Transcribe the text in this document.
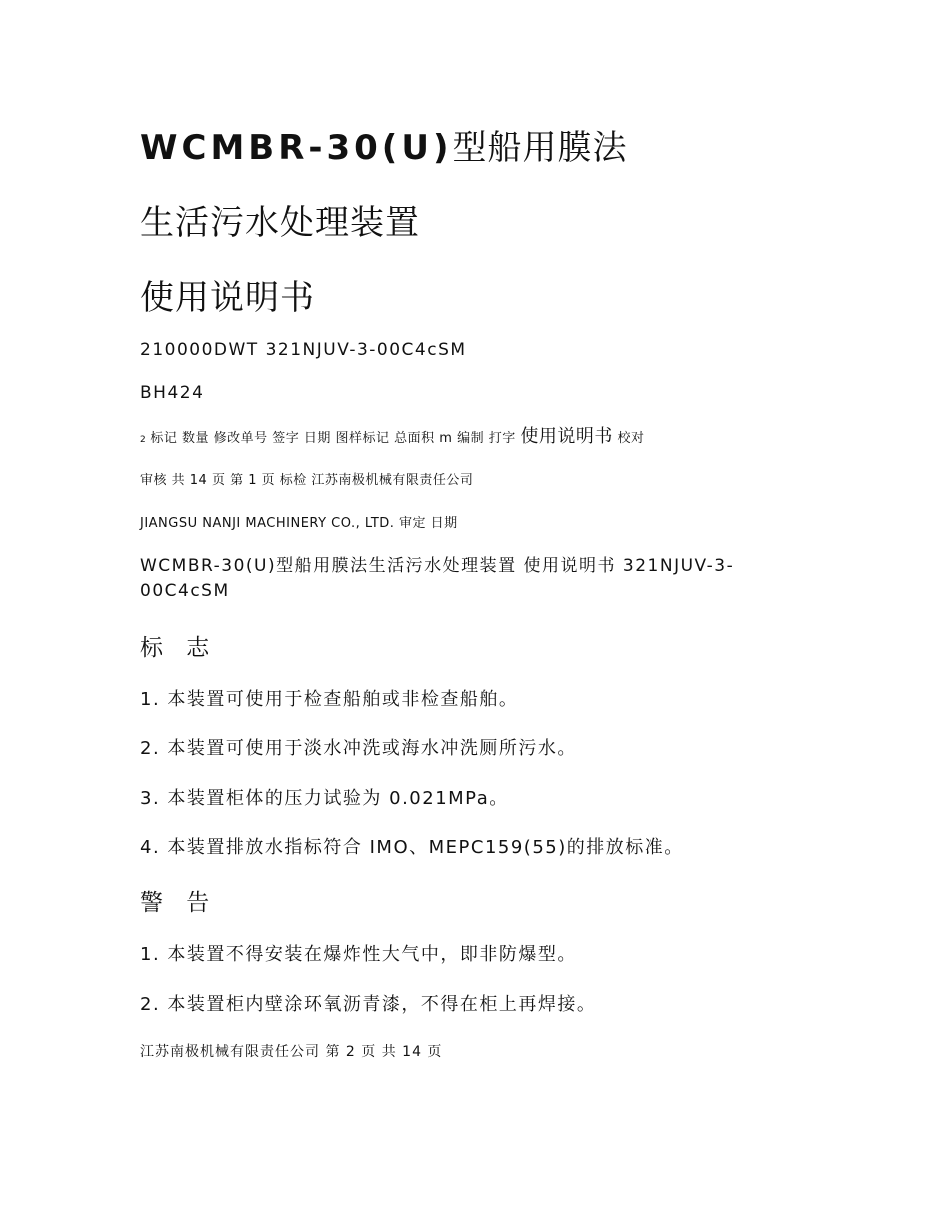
WCMBR-30(U)型船用膜法
生活污水处理装置
使用说明书
210000DWT 321NJUV-3-00C4cSM
BH424
2 标记 数量 修改单号 签字 日期 图样标记 总面积 m 编制 打字 使用说明书 校对
审核 共 14 页 第 1 页 标检 江苏南极机械有限责任公司
JIANGSU NANJI MACHINERY CO., LTD. 审定 日期
WCMBR-30(U)型船用膜法生活污水处理装置 使用说明书 321NJUV-3-00C4cSM
标 志
1. 本装置可使用于检查船舶或非检查船舶。
2. 本装置可使用于淡水冲洗或海水冲洗厕所污水。
3. 本装置柜体的压力试验为 0.021MPa。
4. 本装置排放水指标符合 IMO、MEPC159(55)的排放标准。
警 告
1. 本装置不得安装在爆炸性大气中，即非防爆型。
2. 本装置柜内壁涂环氧沥青漆，不得在柜上再焊接。
江苏南极机械有限责任公司 第 2 页 共 14 页
